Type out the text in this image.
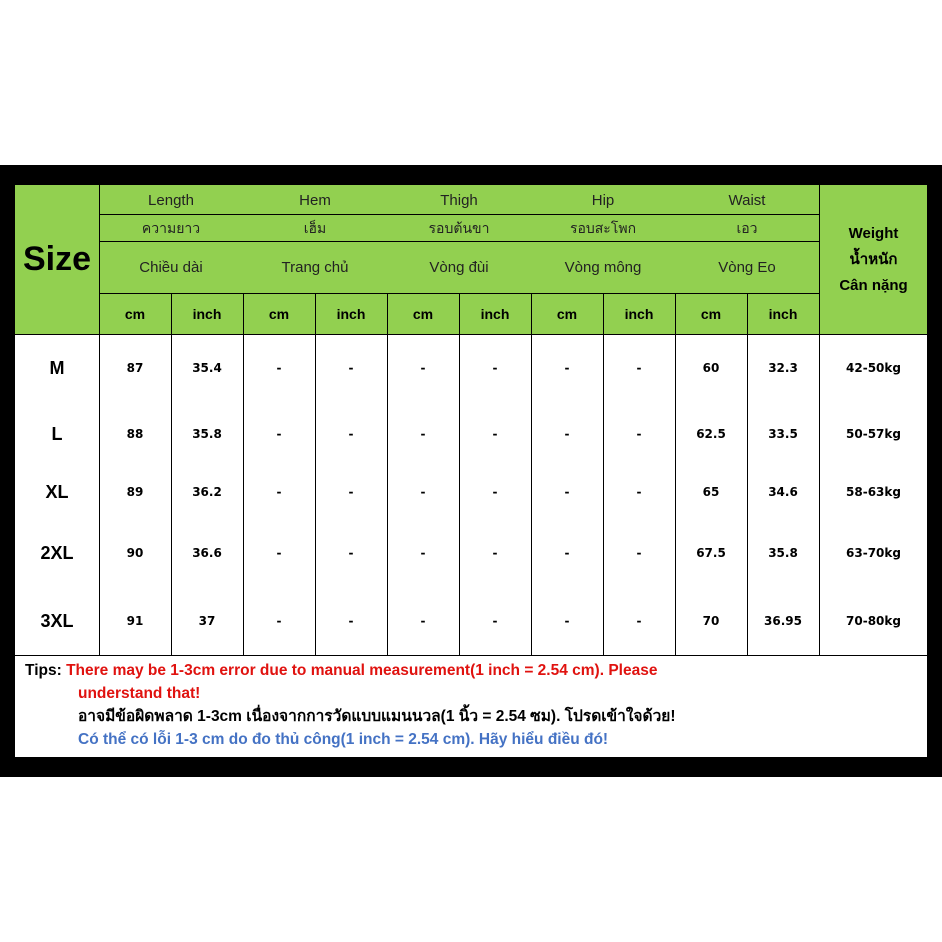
Size
Weight
น้ำหนัก
Cân nặng
Length
ความยาว
Chiều dài
Hem
เฮ็ม
Trang chủ
Thigh
รอบต้นขา
Vòng đùi
Hip
รอบสะโพก
Vòng mông
Waist
เอว
Vòng Eo
cm	inch	cm	inch	cm	inch	cm	inch	cm	inch
M	87	35.4	-	-	-	-	-	-	60	32.3	42-50kg
L	88	35.8	-	-	-	-	-	-	62.5	33.5	50-57kg
XL	89	36.2	-	-	-	-	-	-	65	34.6	58-63kg
2XL	90	36.6	-	-	-	-	-	-	67.5	35.8	63-70kg
3XL	91	37	-	-	-	-	-	-	70	36.95	70-80kg
Tips: There may be 1-3cm error due to manual measurement(1 inch = 2.54 cm). Please
understand that!
อาจมีข้อผิดพลาด 1-3cm เนื่องจากการวัดแบบแมนนวล(1 นิ้ว = 2.54 ซม). โปรดเข้าใจด้วย!
Có thể có lỗi 1-3 cm do đo thủ công(1 inch = 2.54 cm). Hãy hiểu điều đó!
